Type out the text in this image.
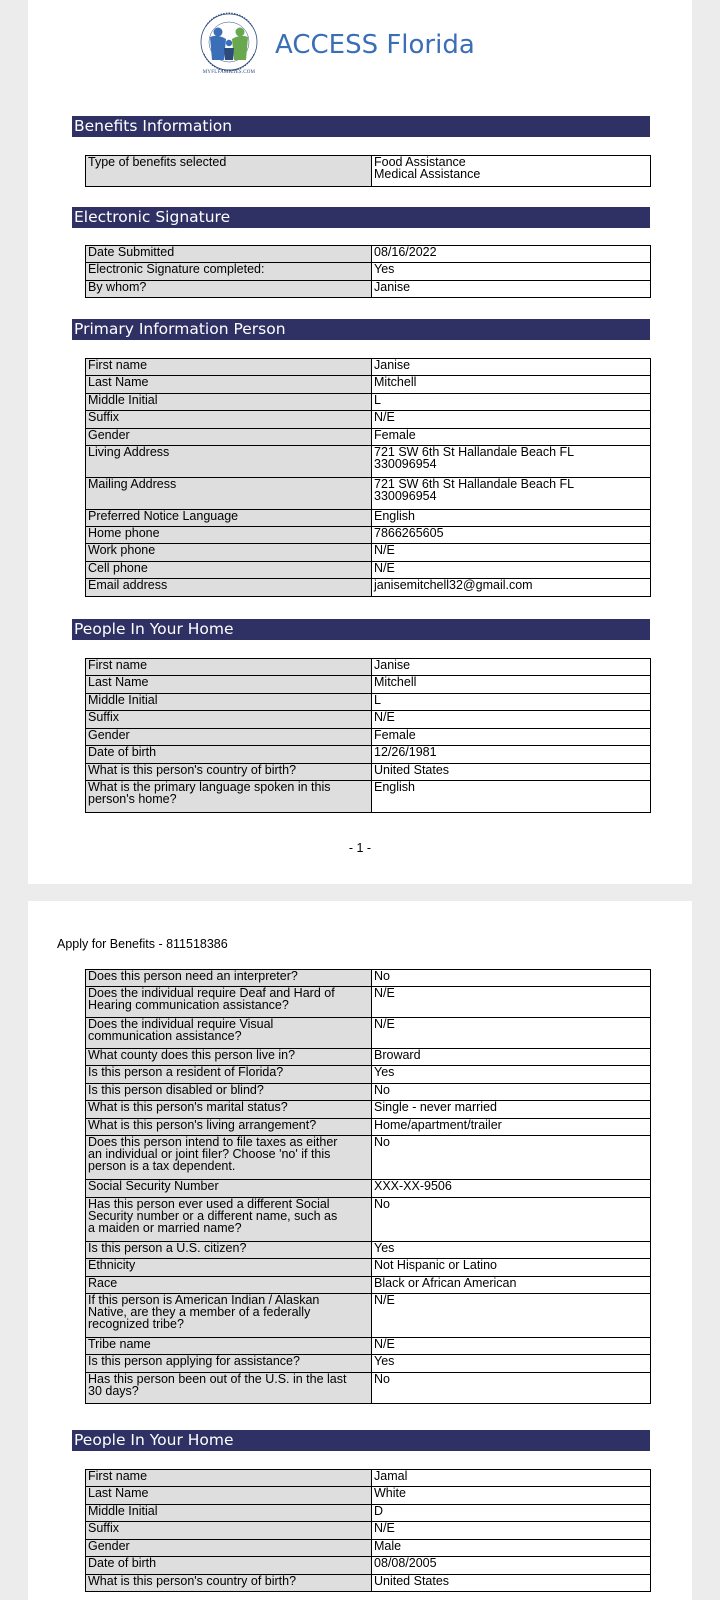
MYFLFAMILIES.COM
ACCESS Florida
Benefits Information
Type of benefits selected	Food Assistance
Medical Assistance
Electronic Signature
Date Submitted	08/16/2022
Electronic Signature completed:	Yes
By whom?	Janise
Primary Information Person
First name	Janise
Last Name	Mitchell
Middle Initial	L
Suffix	N/E
Gender	Female
Living Address	721 SW 6th St Hallandale Beach FL
330096954
Mailing Address	721 SW 6th St Hallandale Beach FL
330096954
Preferred Notice Language	English
Home phone	7866265605
Work phone	N/E
Cell phone	N/E
Email address	janisemitchell32@gmail.com
People In Your Home
First name	Janise
Last Name	Mitchell
Middle Initial	L
Suffix	N/E
Gender	Female
Date of birth	12/26/1981
What is this person's country of birth?	United States
What is the primary language spoken in this
person's home?	English
- 1 -
Apply for Benefits - 811518386
Does this person need an interpreter?	No
Does the individual require Deaf and Hard of
Hearing communication assistance?	N/E
Does the individual require Visual
communication assistance?	N/E
What county does this person live in?	Broward
Is this person a resident of Florida?	Yes
Is this person disabled or blind?	No
What is this person's marital status?	Single - never married
What is this person's living arrangement?	Home/apartment/trailer
Does this person intend to file taxes as either
an individual or joint filer? Choose 'no' if this
person is a tax dependent.	No
Social Security Number	XXX-XX-9506
Has this person ever used a different Social
Security number or a different name, such as
a maiden or married name?	No
Is this person a U.S. citizen?	Yes
Ethnicity	Not Hispanic or Latino
Race	Black or African American
If this person is American Indian / Alaskan
Native, are they a member of a federally
recognized tribe?	N/E
Tribe name	N/E
Is this person applying for assistance?	Yes
Has this person been out of the U.S. in the last
30 days?	No
People In Your Home
First name	Jamal
Last Name	White
Middle Initial	D
Suffix	N/E
Gender	Male
Date of birth	08/08/2005
What is this person's country of birth?	United States
